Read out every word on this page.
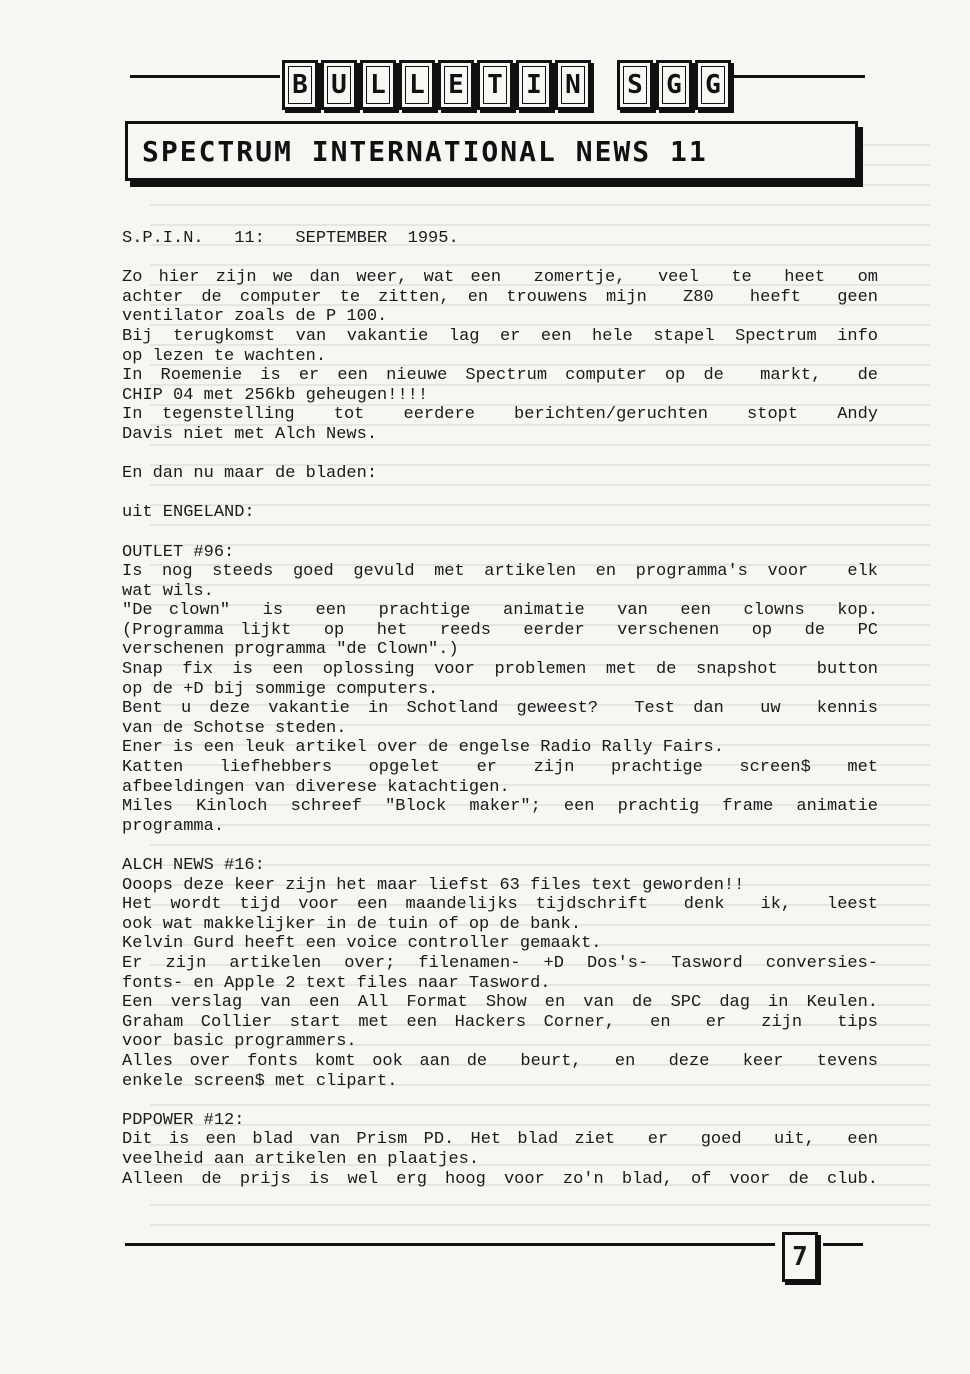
B U L L E T I N S G G
SPECTRUM INTERNATIONAL NEWS 11
S.P.I.N.   11:   SEPTEMBER  1995.
Zo hier zijn we dan weer, wat een  zomertje,  veel  te  heet  om
achter de computer te zitten, en trouwens mijn  Z80  heeft  geen
ventilator zoals de P 100.
Bij terugkomst van vakantie lag er een hele stapel Spectrum info
op lezen te wachten.
In Roemenie is er een nieuwe Spectrum computer op de  markt,  de
CHIP 04 met 256kb geheugen!!!!
In tegenstelling  tot  eerdere  berichten/geruchten  stopt  Andy
Davis niet met Alch News.
En dan nu maar de bladen:
uit ENGELAND:
OUTLET #96:
Is nog steeds goed gevuld met artikelen en programma's voor  elk
wat wils.
"De clown"  is  een  prachtige  animatie  van  een  clowns  kop.
(Programma lijkt  op  het  reeds  eerder  verschenen  op  de  PC
verschenen programma "de Clown".)
Snap fix is een oplossing voor problemen met de snapshot  button
op de +D bij sommige computers.
Bent u deze vakantie in Schotland geweest?  Test dan  uw  kennis
van de Schotse steden.
Ener is een leuk artikel over de engelse Radio Rally Fairs.
Katten  liefhebbers  opgelet  er  zijn  prachtige  screen$  met
afbeeldingen van diverese katachtigen.
Miles Kinloch schreef "Block maker"; een prachtig frame animatie
programma.
ALCH NEWS #16:
Ooops deze keer zijn het maar liefst 63 files text geworden!!
Het wordt tijd voor een maandelijks tijdschrift  denk  ik,  leest
ook wat makkelijker in de tuin of op de bank.
Kelvin Gurd heeft een voice controller gemaakt.
Er zijn artikelen over; filenamen- +D Dos's- Tasword conversies-
fonts- en Apple 2 text files naar Tasword.
Een verslag van een All Format Show en van de SPC dag in Keulen.
Graham Collier start met een Hackers Corner,  en  er  zijn  tips
voor basic programmers.
Alles over fonts komt ook aan de  beurt,  en  deze  keer  tevens
enkele screen$ met clipart.
PDPOWER #12:
Dit is een blad van Prism PD. Het blad ziet  er  goed  uit,  een
veelheid aan artikelen en plaatjes.
Alleen de prijs is wel erg hoog voor zo'n blad, of voor de club.
7
